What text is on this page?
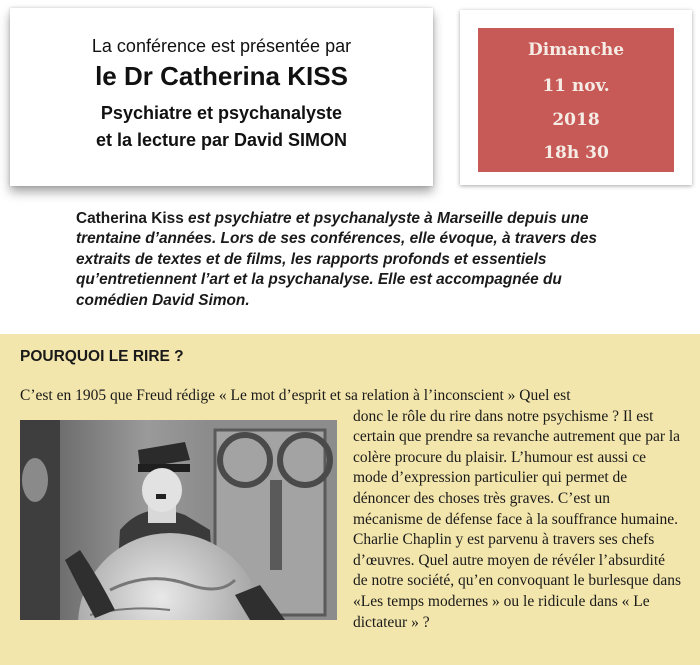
La conférence est présentée par
le Dr Catherina KISS
Psychiatre et psychanalyste
et la lecture par David SIMON
Dimanche
11 nov.
2018
18h 30
Catherina Kiss est psychiatre et psychanalyste à Marseille depuis une trentaine d’années. Lors de ses conférences, elle évoque, à travers des extraits de textes et de films, les rapports profonds et essentiels qu’entretiennent l’art et la psychanalyse. Elle est accompagnée du comédien David Simon.
POURQUOI LE RIRE ?
C’est en 1905 que Freud rédige « Le mot d’esprit et sa relation à l’inconscient » Quel est
donc le rôle du rire dans notre psychisme ? Il est certain que prendre sa revanche autrement que par la colère procure du plaisir. L’humour est aussi ce mode d’expression particulier qui permet de dénoncer des choses très graves. C’est un mécanisme de défense face à la souffrance humaine. Charlie Chaplin y est parvenu à travers ses chefs d’œuvres. Quel autre moyen de révéler l’absurdité de notre société, qu’en convoquant le burlesque dans «Les temps modernes » ou le ridicule dans « Le dictateur » ?
